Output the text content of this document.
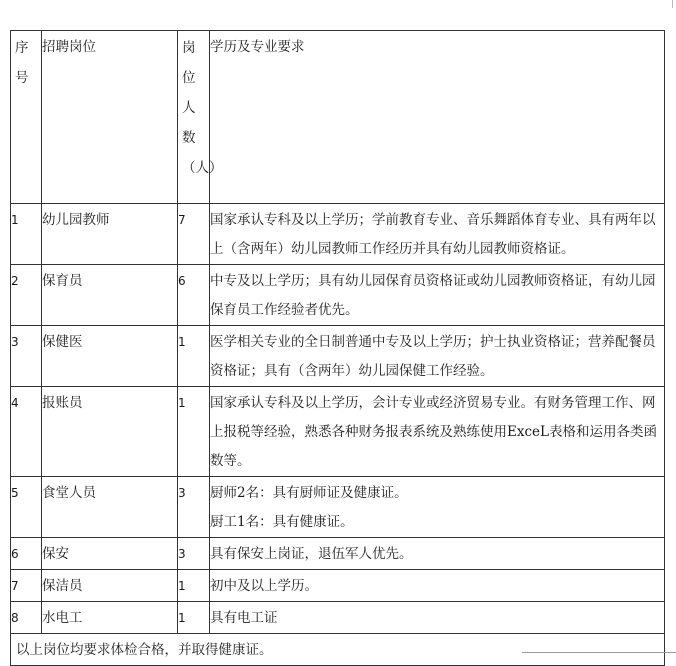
序号	招聘岗位	岗位人数（人）	学历及专业要求
1	幼儿园教师	7	国家承认专科及以上学历；学前教育专业、音乐舞蹈体育专业、具有两年以上（含两年）幼儿园教师工作经历并具有幼儿园教师资格证。
2	保育员	6	中专及以上学历；具有幼儿园保育员资格证或幼儿园教师资格证，有幼儿园保育员工作经验者优先。
3	保健医	1	医学相关专业的全日制普通中专及以上学历；护士执业资格证；营养配餐员资格证；具有（含两年）幼儿园保健工作经验。
4	报账员	1	国家承认专科及以上学历，会计专业或经济贸易专业。有财务管理工作、网上报税等经验，熟悉各种财务报表系统及熟练使用ExceL表格和运用各类函数等。
5	食堂人员	3	厨师2名：具有厨师证及健康证。
厨工1名：具有健康证。

6	保安	3	具有保安上岗证，退伍军人优先。
7	保洁员	1	初中及以上学历。
8	水电工	1	具有电工证
以上岗位均要求体检合格，并取得健康证。			
